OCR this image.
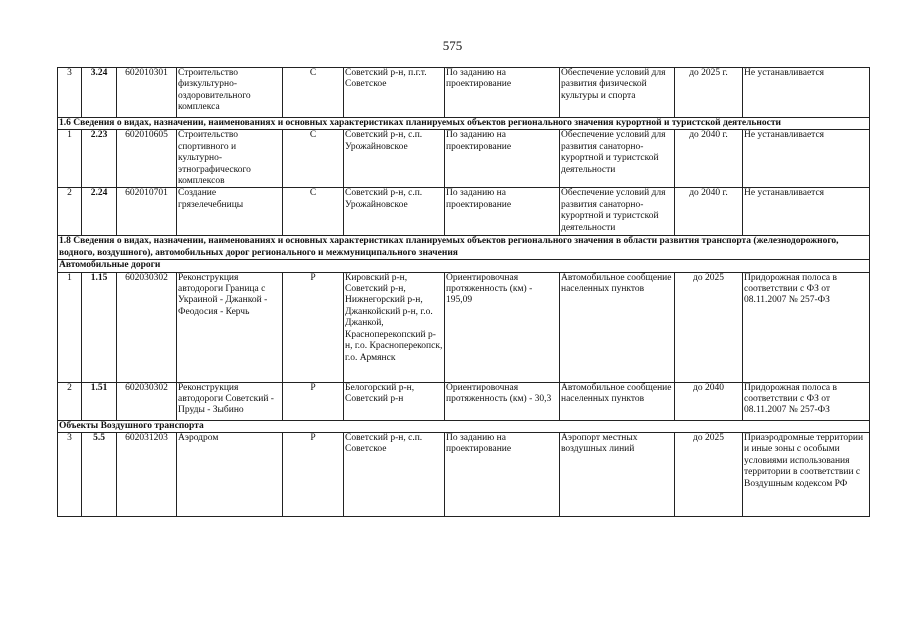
575
3	3.24	602010301	Строительство физкультурно-оздоровительного комплекса	С	Советский р-н, п.г.т. Советское	По заданию на проектирование	Обеспечение условий для развития физической культуры и спорта	до 2025 г.	Не устанавливается
1.6 Сведения о видах, назначении, наименованиях и основных характеристиках планируемых объектов регионального значения курортной и туристской деятельности									
1	2.23	602010605	Строительство спортивного и культурно-этнографического комплексов	С	Советский р-н, с.п. Урожайновское	По заданию на проектирование	Обеспечение условий для развития санаторно-курортной и туристской деятельности	до 2040 г.	Не устанавливается
2	2.24	602010701	Создание грязелечебницы	С	Советский р-н, с.п. Урожайновское	По заданию на проектирование	Обеспечение условий для развития санаторно-курортной и туристской деятельности	до 2040 г.	Не устанавливается
1.8 Сведения о видах, назначении, наименованиях и основных характеристиках планируемых объектов регионального значения в области развития транспорта (железнодорожного, водного, воздушного), автомобильных дорог регионального и межмуниципального значения									
Автомобильные дороги									
1	1.15	602030302	Реконструкция автодороги Граница с Украиной - Джанкой - Феодосия - Керчь	Р	Кировский р-н, Советский р-н, Нижнегорский р-н, Джанкойский р-н, г.о. Джанкой, Красноперекопский р-н, г.о. Красноперекопск, г.о. Армянск	Ориентировочная протяженность (км) - 195,09	Автомобильное сообщение населенных пунктов	до 2025	Придорожная полоса в соответствии с ФЗ от 08.11.2007 № 257-ФЗ
2	1.51	602030302	Реконструкция автодороги Советский - Пруды - Зыбино	Р	Белогорский р-н, Советский р-н	Ориентировочная протяженность (км) - 30,3	Автомобильное сообщение населенных пунктов	до 2040	Придорожная полоса в соответствии с ФЗ от 08.11.2007 № 257-ФЗ
Объекты Воздушного транспорта									
3	5.5	602031203	Аэродром	Р	Советский р-н, с.п. Советское	По заданию на проектирование	Аэропорт местных воздушных линий	до 2025	Приаэродромные территории и иные зоны с особыми условиями использования территории в соответствии с Воздушным кодексом РФ
